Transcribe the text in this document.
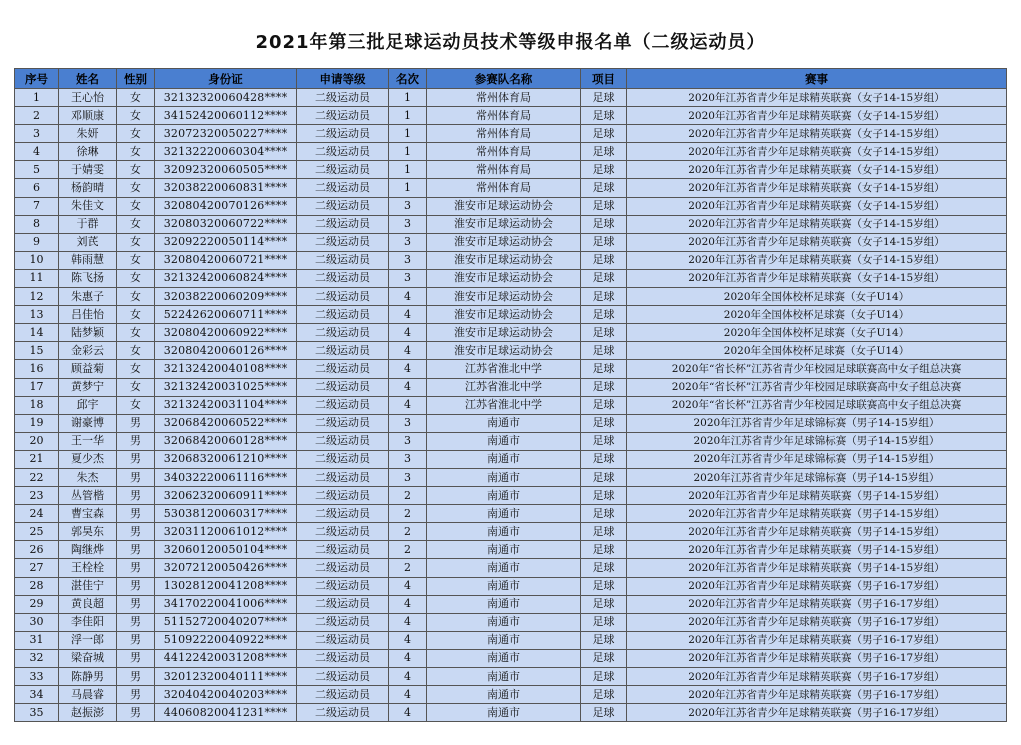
2021年第三批足球运动员技术等级申报名单（二级运动员）
序号	姓名	性别	身份证	申请等级	名次	参赛队名称	项目	赛事
1	王心怡	女	32132320060428****	二级运动员	1	常州体育局	足球	2020年江苏省青少年足球精英联赛（女子14-15岁组）
2	邓顺康	女	34152420060112****	二级运动员	1	常州体育局	足球	2020年江苏省青少年足球精英联赛（女子14-15岁组）
3	朱妍	女	32072320050227****	二级运动员	1	常州体育局	足球	2020年江苏省青少年足球精英联赛（女子14-15岁组）
4	徐琳	女	32132220060304****	二级运动员	1	常州体育局	足球	2020年江苏省青少年足球精英联赛（女子14-15岁组）
5	于婧雯	女	32092320060505****	二级运动员	1	常州体育局	足球	2020年江苏省青少年足球精英联赛（女子14-15岁组）
6	杨韵晴	女	32038220060831****	二级运动员	1	常州体育局	足球	2020年江苏省青少年足球精英联赛（女子14-15岁组）
7	朱佳文	女	32080420070126****	二级运动员	3	淮安市足球运动协会	足球	2020年江苏省青少年足球精英联赛（女子14-15岁组）
8	于群	女	32080320060722****	二级运动员	3	淮安市足球运动协会	足球	2020年江苏省青少年足球精英联赛（女子14-15岁组）
9	刘芪	女	32092220050114****	二级运动员	3	淮安市足球运动协会	足球	2020年江苏省青少年足球精英联赛（女子14-15岁组）
10	韩雨慧	女	32080420060721****	二级运动员	3	淮安市足球运动协会	足球	2020年江苏省青少年足球精英联赛（女子14-15岁组）
11	陈飞扬	女	32132420060824****	二级运动员	3	淮安市足球运动协会	足球	2020年江苏省青少年足球精英联赛（女子14-15岁组）
12	朱惠子	女	32038220060209****	二级运动员	4	淮安市足球运动协会	足球	2020年全国体校杯足球赛（女子U14）
13	吕佳怡	女	52242620060711****	二级运动员	4	淮安市足球运动协会	足球	2020年全国体校杯足球赛（女子U14）
14	陆梦颖	女	32080420060922****	二级运动员	4	淮安市足球运动协会	足球	2020年全国体校杯足球赛（女子U14）
15	金彩云	女	32080420060126****	二级运动员	4	淮安市足球运动协会	足球	2020年全国体校杯足球赛（女子U14）
16	顾益菊	女	32132420040108****	二级运动员	4	江苏省淮北中学	足球	2020年“省长杯”江苏省青少年校园足球联赛高中女子组总决赛
17	黄梦宁	女	32132420031025****	二级运动员	4	江苏省淮北中学	足球	2020年“省长杯”江苏省青少年校园足球联赛高中女子组总决赛
18	邱宇	女	32132420031104****	二级运动员	4	江苏省淮北中学	足球	2020年“省长杯”江苏省青少年校园足球联赛高中女子组总决赛
19	谢豪博	男	32068420060522****	二级运动员	3	南通市	足球	2020年江苏省青少年足球锦标赛（男子14-15岁组）
20	王一华	男	32068420060128****	二级运动员	3	南通市	足球	2020年江苏省青少年足球锦标赛（男子14-15岁组）
21	夏少杰	男	32068320061210****	二级运动员	3	南通市	足球	2020年江苏省青少年足球锦标赛（男子14-15岁组）
22	朱杰	男	34032220061116****	二级运动员	3	南通市	足球	2020年江苏省青少年足球锦标赛（男子14-15岁组）
23	丛管楷	男	32062320060911****	二级运动员	2	南通市	足球	2020年江苏省青少年足球精英联赛（男子14-15岁组）
24	曹宝森	男	53038120060317****	二级运动员	2	南通市	足球	2020年江苏省青少年足球精英联赛（男子14-15岁组）
25	郭昊东	男	32031120061012****	二级运动员	2	南通市	足球	2020年江苏省青少年足球精英联赛（男子14-15岁组）
26	陶继烨	男	32060120050104****	二级运动员	2	南通市	足球	2020年江苏省青少年足球精英联赛（男子14-15岁组）
27	王栓栓	男	32072120050426****	二级运动员	2	南通市	足球	2020年江苏省青少年足球精英联赛（男子14-15岁组）
28	湛佳宁	男	13028120041208****	二级运动员	4	南通市	足球	2020年江苏省青少年足球精英联赛（男子16-17岁组）
29	黄良超	男	34170220041006****	二级运动员	4	南通市	足球	2020年江苏省青少年足球精英联赛（男子16-17岁组）
30	李佳阳	男	51152720040207****	二级运动员	4	南通市	足球	2020年江苏省青少年足球精英联赛（男子16-17岁组）
31	浮一郎	男	51092220040922****	二级运动员	4	南通市	足球	2020年江苏省青少年足球精英联赛（男子16-17岁组）
32	梁奋城	男	44122420031208****	二级运动员	4	南通市	足球	2020年江苏省青少年足球精英联赛（男子16-17岁组）
33	陈静男	男	32012320040111****	二级运动员	4	南通市	足球	2020年江苏省青少年足球精英联赛（男子16-17岁组）
34	马晨睿	男	32040420040203****	二级运动员	4	南通市	足球	2020年江苏省青少年足球精英联赛（男子16-17岁组）
35	赵振澎	男	44060820041231****	二级运动员	4	南通市	足球	2020年江苏省青少年足球精英联赛（男子16-17岁组）
